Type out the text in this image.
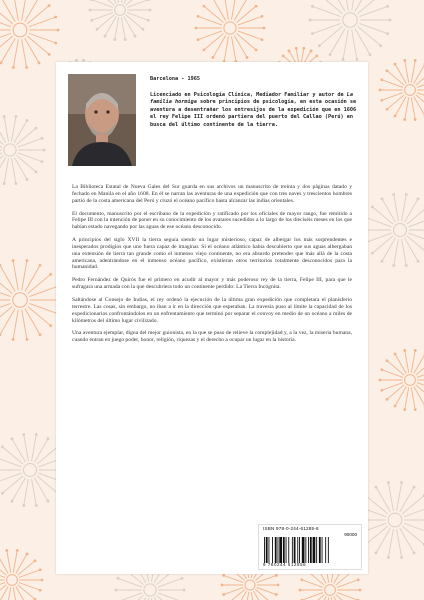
Barcelona - 1965
Licenciado en Psicología Clínica, Mediador Familiar y autor de La familia hormiga sobre principios de psicología, en esta ocasión se aventura a desentrañar los entresijos de la expedición que en 1606 el rey Felipe III ordenó partiera del puerto del Callao (Perú) en busca del último continente de la tierra.

La Biblioteca Estatal de Nueva Gales del Sur guarda en sus archivos un manuscrito de treinta y dos páginas datado y fechado en Manila en el año 1608. En él se narran las aventuras de una expedición que con tres naves y trescientos hombres partió de la costa americana del Perú y cruzó el océano pacífico hasta alcanzar las indias orientales.

El documento, manuscrito por el escribano de la expedición y ratificado por los oficiales de mayor rango, fue remitido a Felipe III con la intención de poner en su conocimiento de los avatares sucedidos a lo largo de los dieciséis meses en los que habían estado navegando por las aguas de ese océano desconocido.

A principios del siglo XVII la tierra seguía siendo un lugar misterioso, capaz de albergar los más sorprendentes e inesperados prodigios que uno fuera capaz de imaginar. Si el océano atlántico había descubierto que sus aguas albergaban una extensión de tierra tan grande como el inmenso viejo continente, no era absurdo pretender que más allá de la costa americana, adentrándose en el inmenso océano pacífico, existieran otros territorios totalmente desconocidos para la humanidad.

Pedro Fernández de Quirós fue el primero en acudir al mayor y más poderoso rey de la tierra, Felipe III, para que le sufragara una armada con la que descubriera todo un continente perdido: La Tierra Incógnita.

Saltándose al Consejo de Indias, el rey ordenó la ejecución de la última gran expedición que completara el planisferio terrestre. Las cosas, sin embargo, no iban a ir en la dirección que esperaban. La travesía puso al límite la capacidad de los expedicionarios confrontándolos en un enfrentamiento que terminó por separar el convoy en medio de un océano a miles de kilómetros del último lugar civilizado.

Una aventura ejemplar, digna del mejor guionista, en la que se puso de relieve la complejidad y, a la vez, la miseria humana, cuando entran en juego poder, honor, religión, riquezas y el derecho a ocupar un lugar en la historia.

ISBN 978-0-244-61285-6
90000
9 780244 612856
